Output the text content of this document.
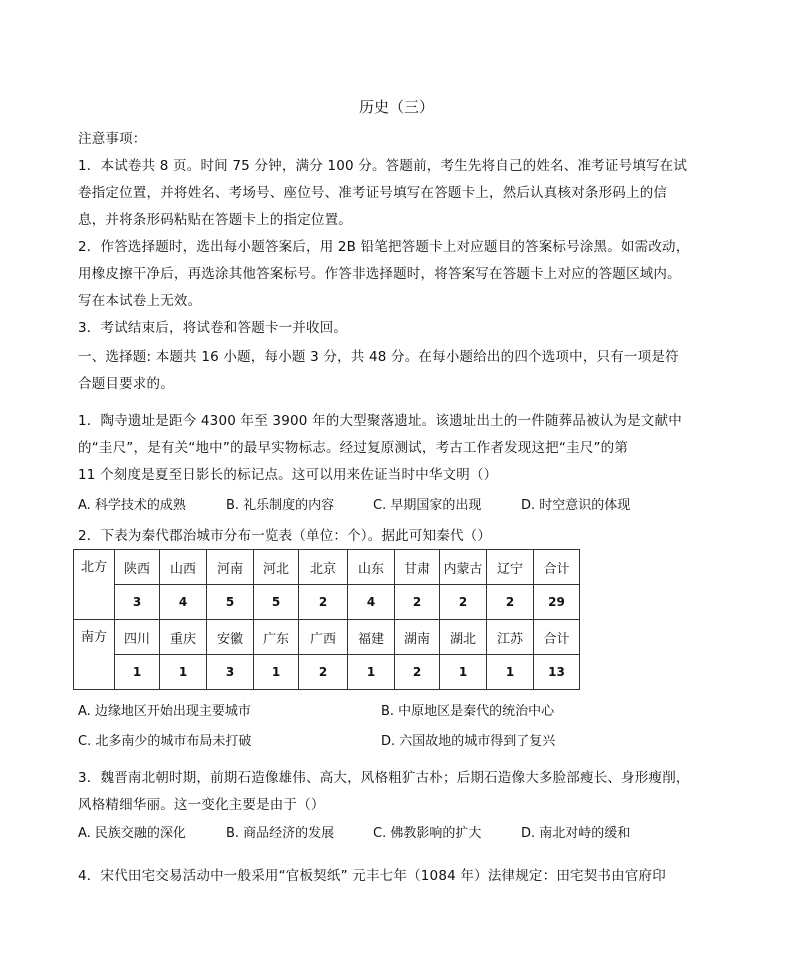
历史（三）
注意事项：
1．本试卷共 8 页。时间 75 分钟，满分 100 分。答题前，考生先将自己的姓名、准考证号填写在试
卷指定位置，并将姓名、考场号、座位号、准考证号填写在答题卡上，然后认真核对条形码上的信
息，并将条形码粘贴在答题卡上的指定位置。
2．作答选择题时，选出每小题答案后，用 2B 铅笔把答题卡上对应题目的答案标号涂黑。如需改动，
用橡皮擦干净后，再选涂其他答案标号。作答非选择题时，将答案写在答题卡上对应的答题区域内。
写在本试卷上无效。
3．考试结束后，将试卷和答题卡一并收回。
一、选择题: 本题共 16 小题，每小题 3 分，共 48 分。在每小题给出的四个选项中，只有一项是符
合题目要求的。
1．陶寺遗址是距今 4300 年至 3900 年的大型聚落遗址。该遗址出土的一件随葬品被认为是文献中
的“圭尺”，是有关“地中”的最早实物标志。经过复原测试，考古工作者发现这把“圭尺”的第
11 个刻度是夏至日影长的标记点。这可以用来佐证当时中华文明（）
A. 科学技术的成熟	B. 礼乐制度的内容	C. 早期国家的出现	D. 时空意识的体现
2．下表为秦代郡治城市分布一览表（单位：个）。据此可知秦代（）
北方	陕西	山西	河南	河北	北京	山东	甘肃	内蒙古	辽宁	合计
	3	4	5	5	2	4	2	2	2	29
南方	四川	重庆	安徽	广东	广西	福建	湖南	湖北	江苏	合计
	1	1	3	1	2	1	2	1	1	13
A. 边缘地区开始出现主要城市	B. 中原地区是秦代的统治中心
C. 北多南少的城市布局未打破	D. 六国故地的城市得到了复兴
3．魏晋南北朝时期，前期石造像雄伟、高大，风格粗犷古朴；后期石造像大多脸部瘦长、身形瘦削，
风格精细华丽。这一变化主要是由于（）
A. 民族交融的深化	B. 商品经济的发展	C. 佛教影响的扩大	D. 南北对峙的缓和
4．宋代田宅交易活动中一般采用“官板契纸” 元丰七年（1084 年）法律规定：田宅契书由官府印
